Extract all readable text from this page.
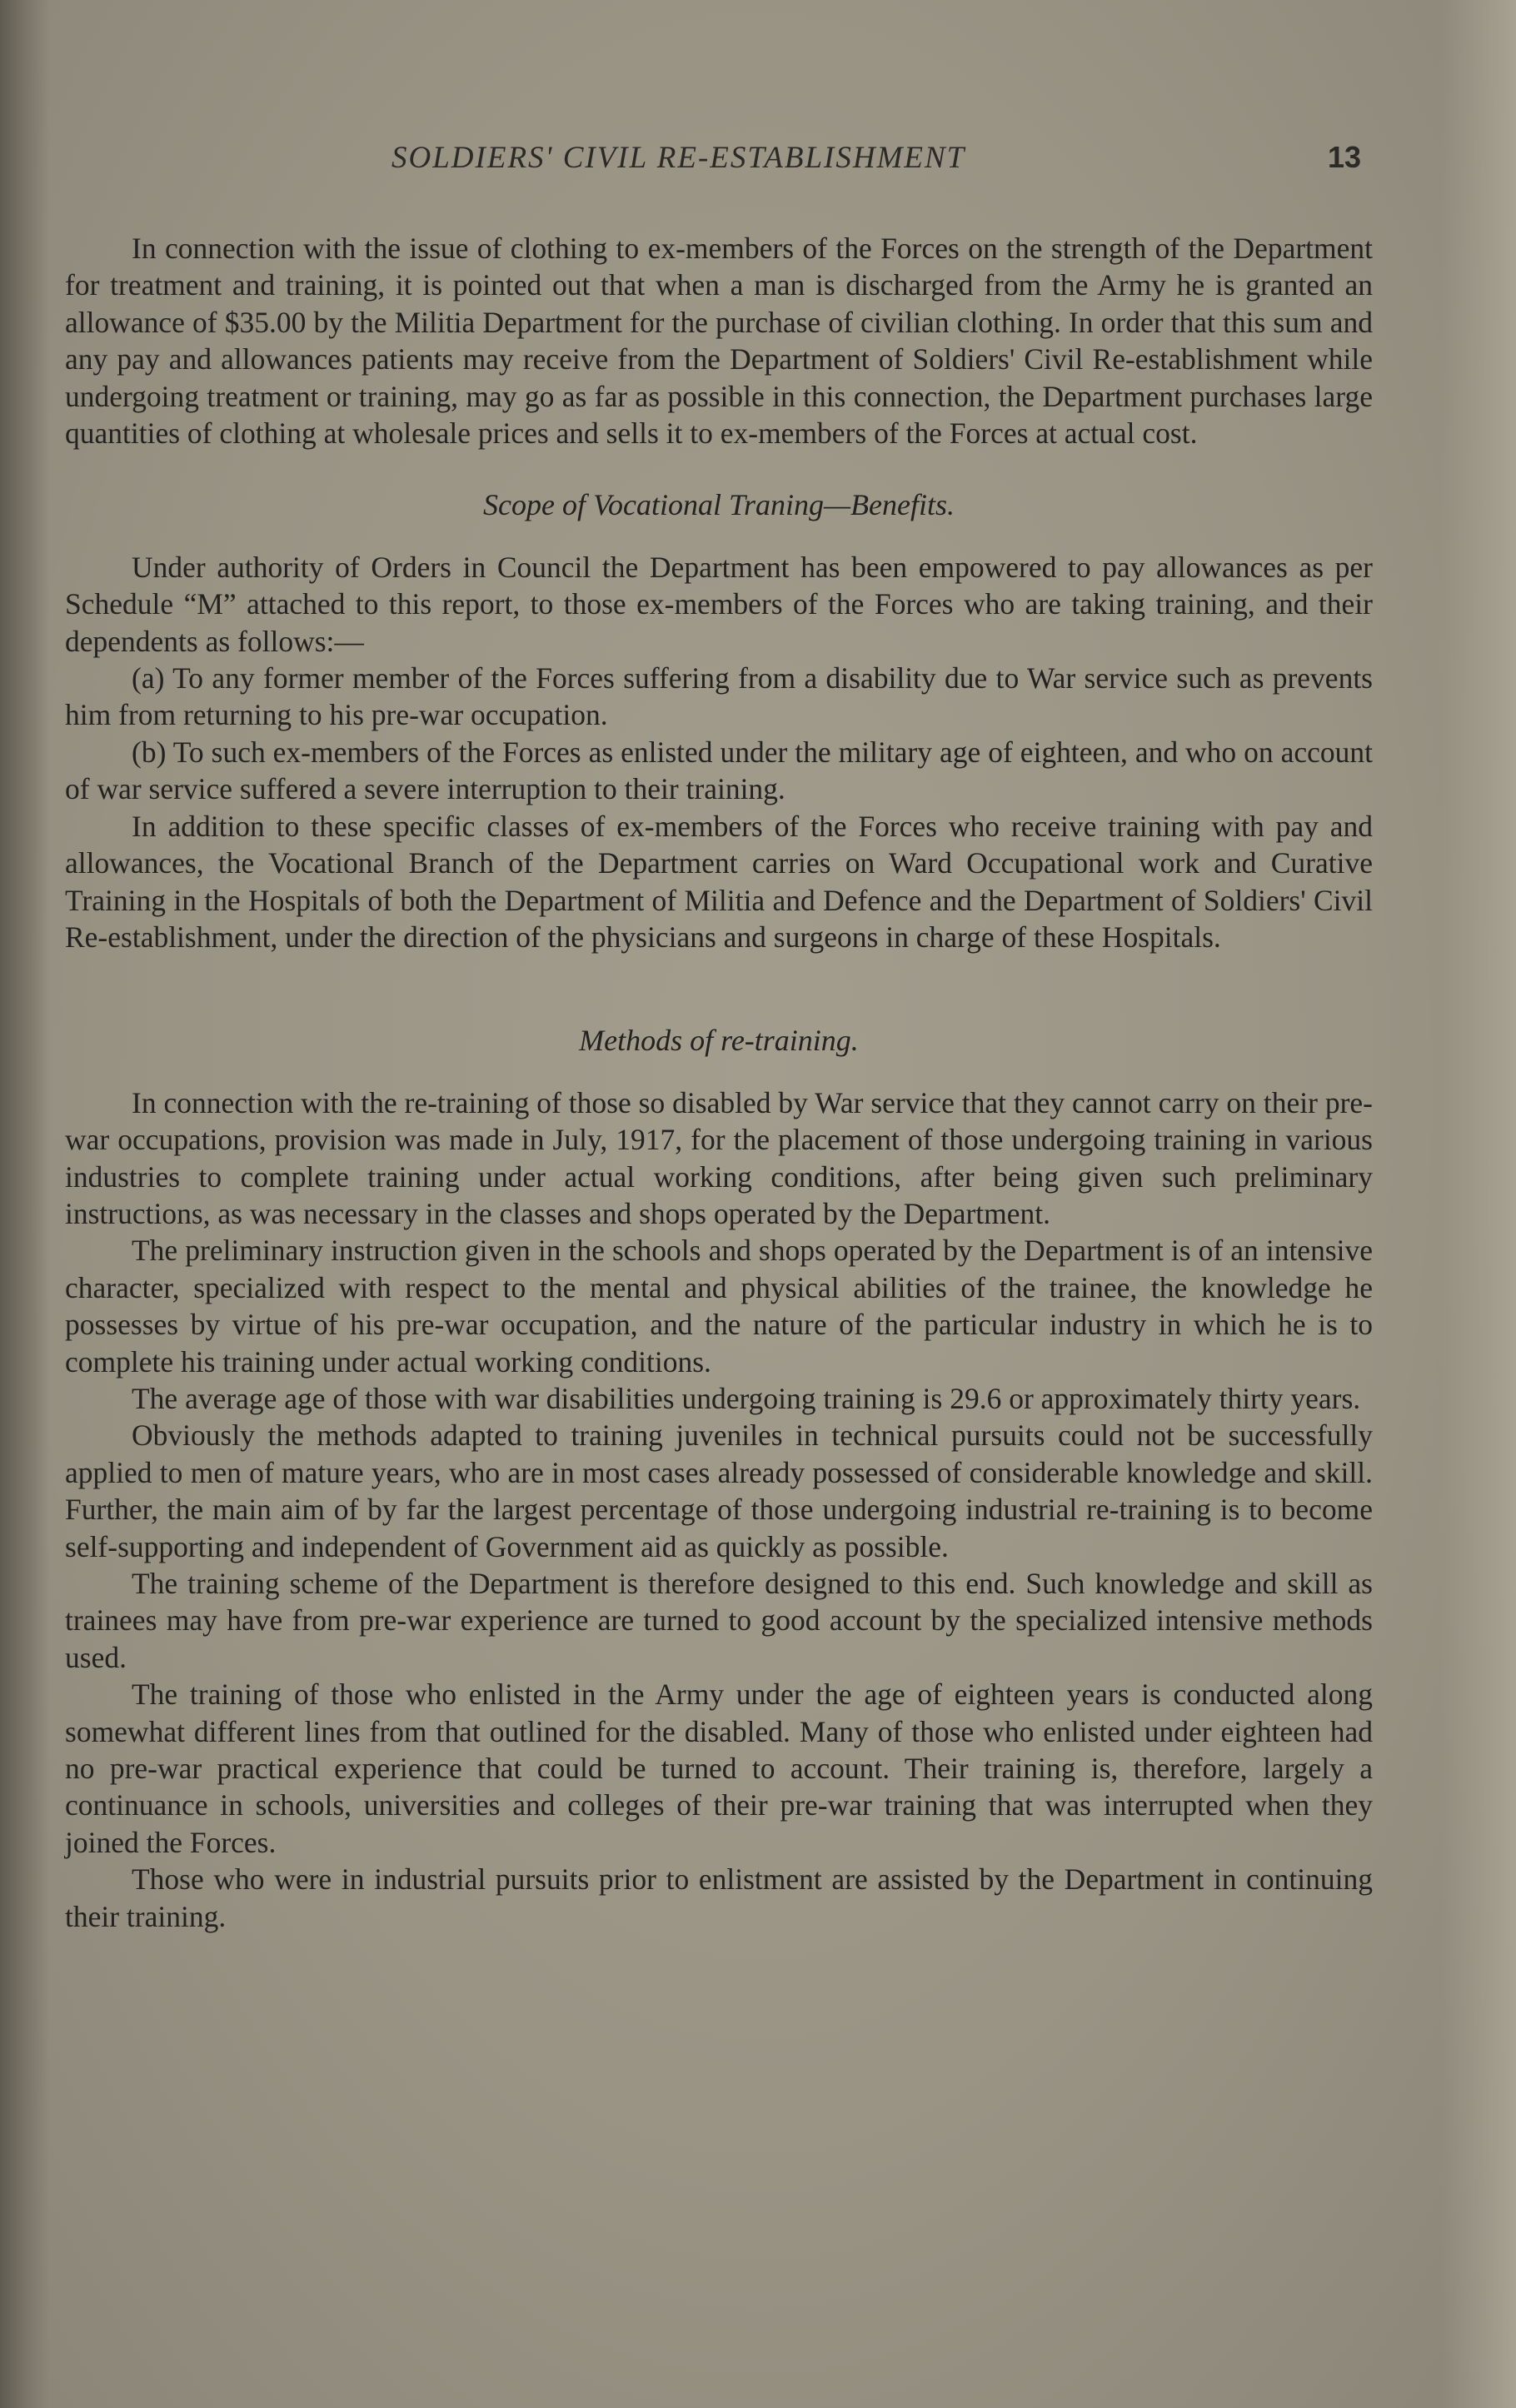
SOLDIERS' CIVIL RE-ESTABLISHMENT	13

In connection with the issue of clothing to ex-members of the Forces on the strength of the Department for treatment and training, it is pointed out that when a man is discharged from the Army he is granted an allowance of $35.00 by the Militia Department for the purchase of civilian clothing. In order that this sum and any pay and allowances patients may receive from the Department of Soldiers' Civil Re-establishment while undergoing treatment or training, may go as far as possible in this connection, the Department purchases large quantities of clothing at wholesale prices and sells it to ex-members of the Forces at actual cost.

Scope of Vocational Traning—Benefits.

Under authority of Orders in Council the Department has been empowered to pay allowances as per Schedule “M” attached to this report, to those ex-members of the Forces who are taking training, and their dependents as follows:—

(a) To any former member of the Forces suffering from a disability due to War service such as prevents him from returning to his pre-war occupation.

(b) To such ex-members of the Forces as enlisted under the military age of eighteen, and who on account of war service suffered a severe interruption to their training.

In addition to these specific classes of ex-members of the Forces who receive training with pay and allowances, the Vocational Branch of the Department carries on Ward Occupational work and Curative Training in the Hospitals of both the Department of Militia and Defence and the Department of Soldiers' Civil Re-establishment, under the direction of the physicians and surgeons in charge of these Hospitals.

Methods of re-training.

In connection with the re-training of those so disabled by War service that they cannot carry on their pre-war occupations, provision was made in July, 1917, for the placement of those undergoing training in various industries to complete training under actual working conditions, after being given such preliminary instructions, as was necessary in the classes and shops operated by the Department.

The preliminary instruction given in the schools and shops operated by the Department is of an intensive character, specialized with respect to the mental and physical abilities of the trainee, the knowledge he possesses by virtue of his pre-war occupation, and the nature of the particular industry in which he is to complete his training under actual working conditions.

The average age of those with war disabilities undergoing training is 29.6 or approximately thirty years.

Obviously the methods adapted to training juveniles in technical pursuits could not be successfully applied to men of mature years, who are in most cases already possessed of considerable knowledge and skill. Further, the main aim of by far the largest percentage of those undergoing industrial re-training is to become self-supporting and independent of Government aid as quickly as possible.

The training scheme of the Department is therefore designed to this end. Such knowledge and skill as trainees may have from pre-war experience are turned to good account by the specialized intensive methods used.

The training of those who enlisted in the Army under the age of eighteen years is conducted along somewhat different lines from that outlined for the disabled. Many of those who enlisted under eighteen had no pre-war practical experience that could be turned to account. Their training is, therefore, largely a continuance in schools, universities and colleges of their pre-war training that was interrupted when they joined the Forces.

Those who were in industrial pursuits prior to enlistment are assisted by the Department in continuing their training.
